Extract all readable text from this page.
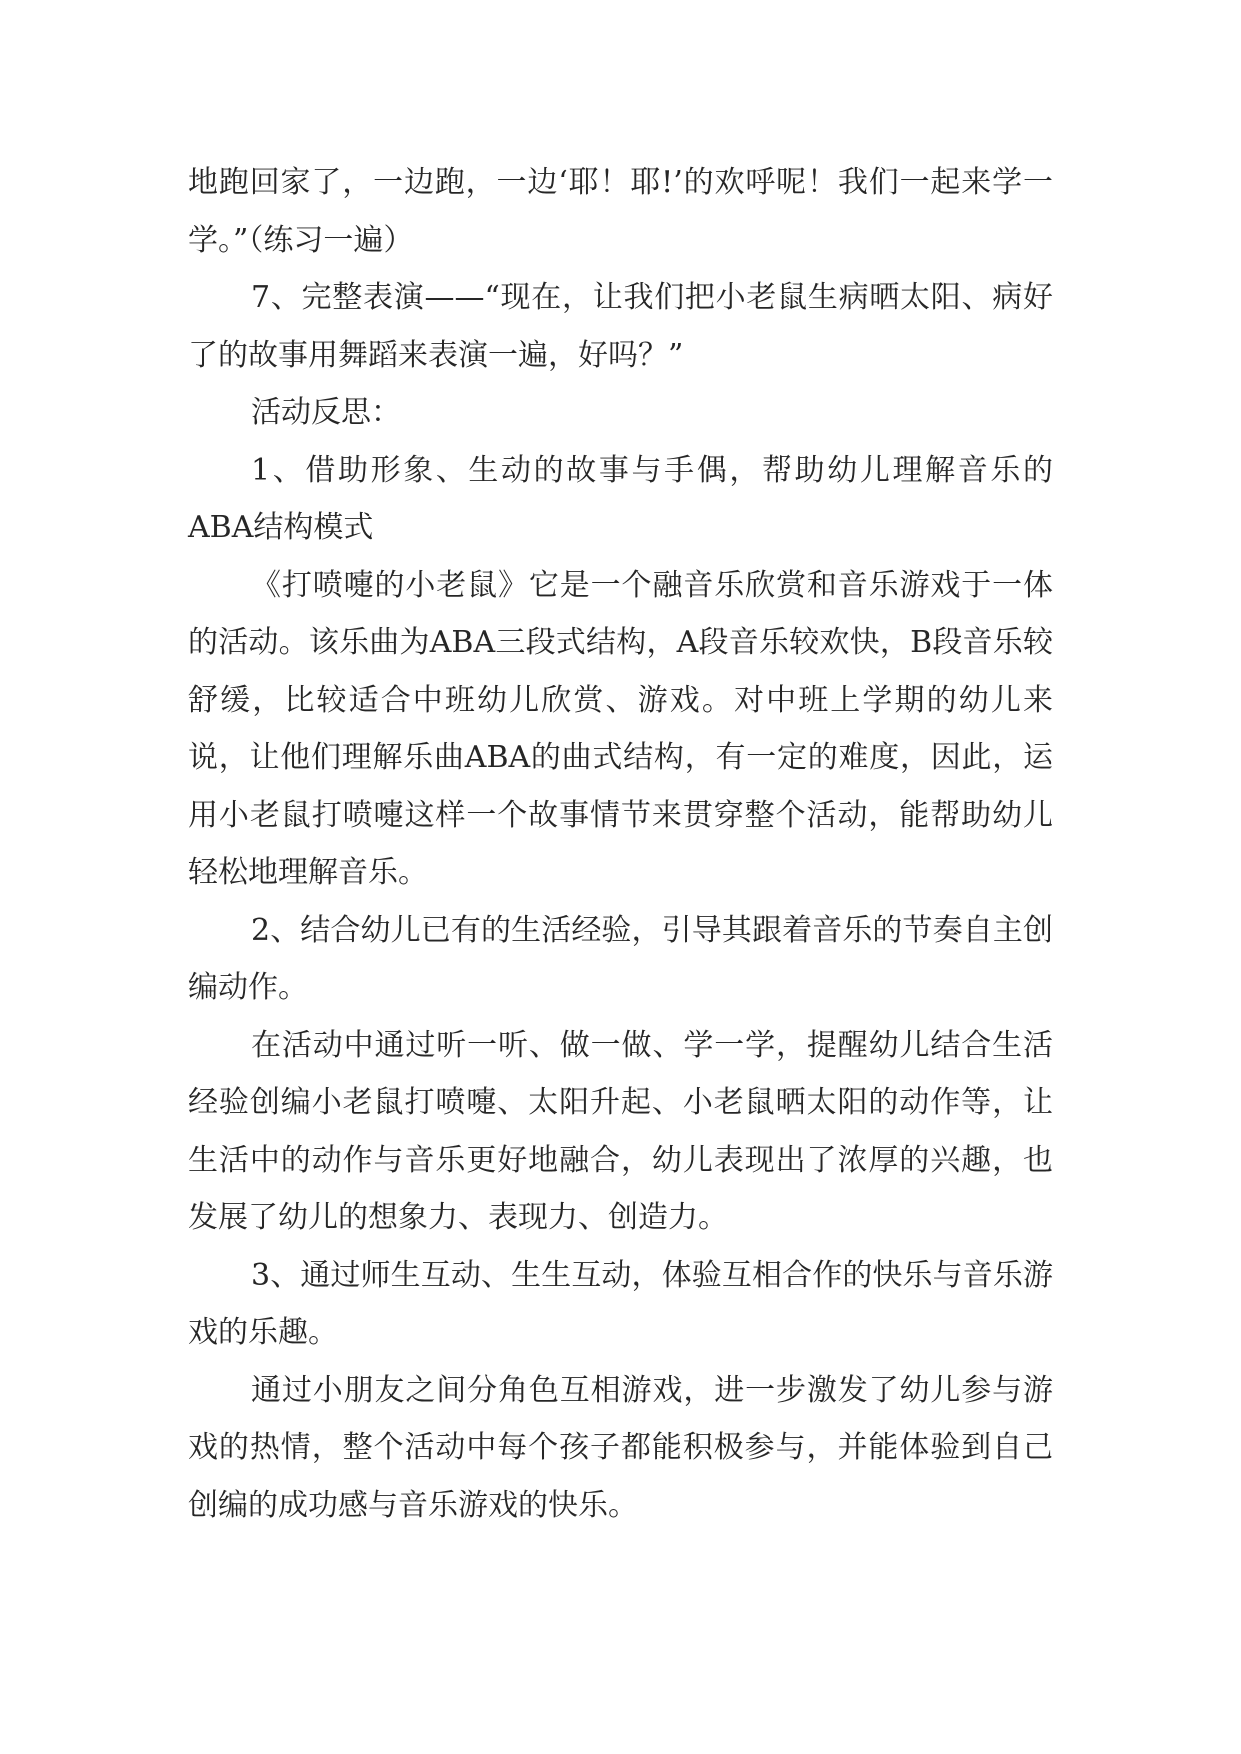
地跑回家了，一边跑，一边‘耶！耶!’的欢呼呢！我们一起来学一学。”（练习一遍）

7、完整表演——“现在，让我们把小老鼠生病晒太阳、病好了的故事用舞蹈来表演一遍，好吗？”

活动反思：

1、借助形象、生动的故事与手偶，帮助幼儿理解音乐的ABA结构模式

《打喷嚏的小老鼠》它是一个融音乐欣赏和音乐游戏于一体的活动。该乐曲为ABA三段式结构，A段音乐较欢快，B段音乐较舒缓，比较适合中班幼儿欣赏、游戏。对中班上学期的幼儿来说，让他们理解乐曲ABA的曲式结构，有一定的难度，因此，运用小老鼠打喷嚏这样一个故事情节来贯穿整个活动，能帮助幼儿轻松地理解音乐。

2、结合幼儿已有的生活经验，引导其跟着音乐的节奏自主创编动作。

在活动中通过听一听、做一做、学一学，提醒幼儿结合生活经验创编小老鼠打喷嚏、太阳升起、小老鼠晒太阳的动作等，让生活中的动作与音乐更好地融合，幼儿表现出了浓厚的兴趣，也发展了幼儿的想象力、表现力、创造力。

3、通过师生互动、生生互动，体验互相合作的快乐与音乐游戏的乐趣。

通过小朋友之间分角色互相游戏，进一步激发了幼儿参与游戏的热情，整个活动中每个孩子都能积极参与，并能体验到自己创编的成功感与音乐游戏的快乐。
